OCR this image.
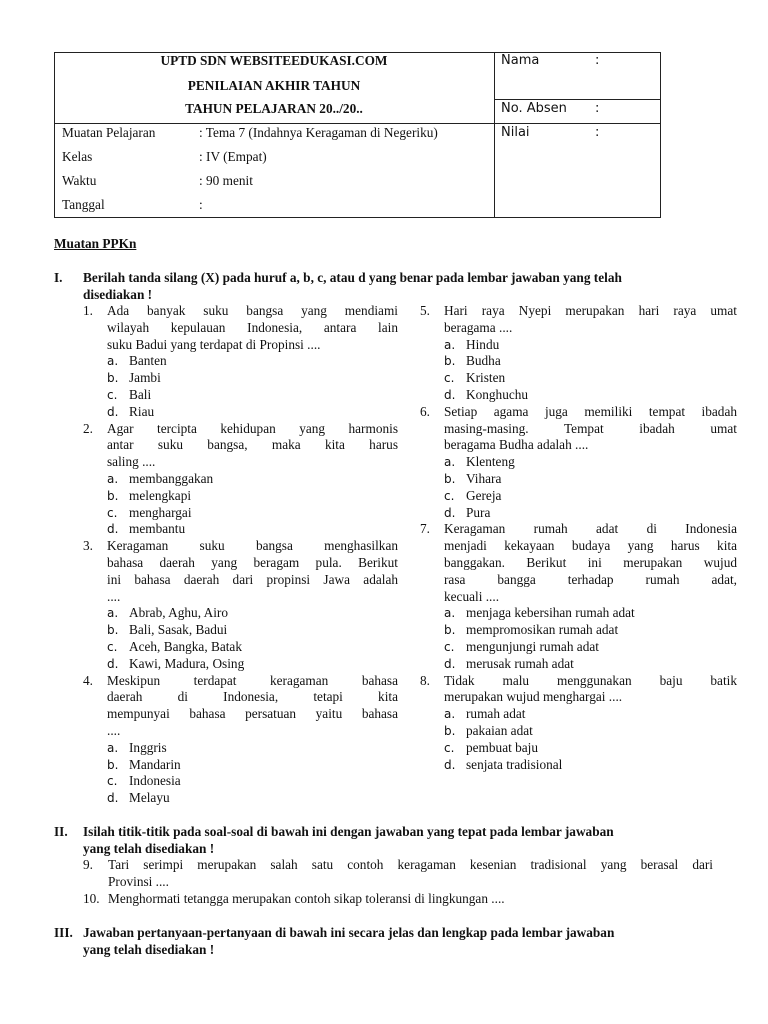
UPTD SDN WEBSITEEDUKASI.COM
PENILAIAN AKHIR TAHUN
TAHUN PELAJARAN 20../20..
Nama	:
No. Absen :
Nilai	:
Muatan Pelajaran	: Tema 7 (Indahnya Keragaman di Negeriku)
Kelas	: IV (Empat)
Waktu	: 90 menit
Tanggal	:
Muatan PPKn
I. Berilah tanda silang (X) pada huruf a, b, c, atau d yang benar pada lembar jawaban yang telah
disediakan !
1. Ada banyak suku bangsa yang mendiami
wilayah kepulauan Indonesia, antara lain
suku Badui yang terdapat di Propinsi ....
a. Banten
b. Jambi
c. Bali
d. Riau
2. Agar tercipta kehidupan yang harmonis
antar suku bangsa, maka kita harus
saling ....
a. membanggakan
b. melengkapi
c. menghargai
d. membantu
3. Keragaman suku bangsa menghasilkan
bahasa daerah yang beragam pula. Berikut
ini bahasa daerah dari propinsi Jawa adalah
....
a. Abrab, Aghu, Airo
b. Bali, Sasak, Badui
c. Aceh, Bangka, Batak
d. Kawi, Madura, Osing
4. Meskipun terdapat keragaman bahasa
daerah di Indonesia, tetapi kita
mempunyai bahasa persatuan yaitu bahasa
....
a. Inggris
b. Mandarin
c. Indonesia
d. Melayu
5. Hari raya Nyepi merupakan hari raya umat
beragama ....
a. Hindu
b. Budha
c. Kristen
d. Konghuchu
6. Setiap agama juga memiliki tempat ibadah
masing-masing. Tempat ibadah umat
beragama Budha adalah ....
a. Klenteng
b. Vihara
c. Gereja
d. Pura
7. Keragaman rumah adat di Indonesia
menjadi kekayaan budaya yang harus kita
banggakan. Berikut ini merupakan wujud
rasa bangga terhadap rumah adat,
kecuali ....
a. menjaga kebersihan rumah adat
b. mempromosikan rumah adat
c. mengunjungi rumah adat
d. merusak rumah adat
8. Tidak malu menggunakan baju batik
merupakan wujud menghargai ....
a. rumah adat
b. pakaian adat
c. pembuat baju
d. senjata tradisional
II. Isilah titik-titik pada soal-soal di bawah ini dengan jawaban yang tepat pada lembar jawaban
yang telah disediakan !
9. Tari serimpi merupakan salah satu contoh keragaman kesenian tradisional yang berasal dari
Provinsi ....
10. Menghormati tetangga merupakan contoh sikap toleransi di lingkungan ....
III. Jawaban pertanyaan-pertanyaan di bawah ini secara jelas dan lengkap pada lembar jawaban
yang telah disediakan !
